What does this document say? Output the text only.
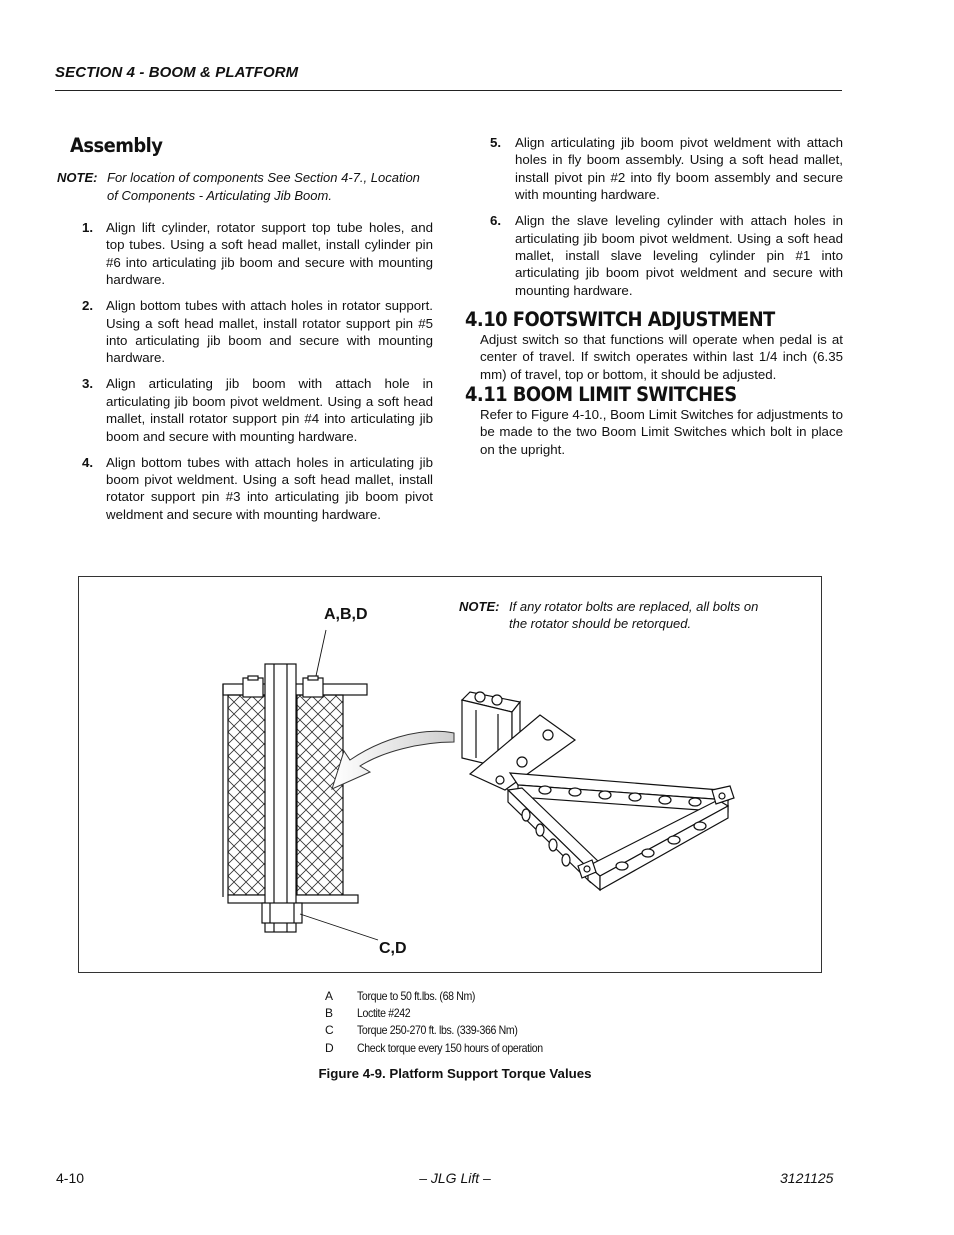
SECTION 4 - BOOM & PLATFORM
Assembly
NOTE: For location of components See Section 4-7., Location of Components - Articulating Jib Boom.
1. Align lift cylinder, rotator support top tube holes, and top tubes. Using a soft head mallet, install cylinder pin #6 into articulating jib boom and secure with mounting hardware.
2. Align bottom tubes with attach holes in rotator support. Using a soft head mallet, install rotator support pin #5 into articulating jib boom and secure with mounting hardware.
3. Align articulating jib boom with attach hole in articulating jib boom pivot weldment. Using a soft head mallet, install rotator support pin #4 into articulating jib boom and secure with mounting hardware.
4. Align bottom tubes with attach holes in articulating jib boom pivot weldment. Using a soft head mallet, install rotator support pin #3 into articulating jib boom pivot weldment and secure with mounting hardware.
5.	Align articulating jib boom pivot weldment with attach holes in fly boom assembly. Using a soft head mallet, install pivot pin #2 into fly boom assembly and secure with mounting hardware.
6.	Align the slave leveling cylinder with attach holes in articulating jib boom pivot weldment. Using a soft head mallet, install slave leveling cylinder pin #1 into articulating jib boom pivot weldment and secure with mounting hardware.
4.10 FOOTSWITCH ADJUSTMENT
Adjust switch so that functions will operate when pedal is at center of travel. If switch operates within last 1/4 inch (6.35 mm) of travel, top or bottom, it should be adjusted.
4.11 BOOM LIMIT SWITCHES
Refer to Figure 4-10., Boom Limit Switches for adjustments to be made to the two Boom Limit Switches which bolt in place on the upright.
NOTE: If any rotator bolts are replaced, all bolts on the rotator should be retorqued.
A,B,D
C,D
A	Torque to 50 ft.lbs. (68 Nm)
B	Loctite #242
C	Torque 250-270 ft. lbs. (339-366 Nm)
D	Check torque every 150 hours of operation
Figure 4-9. Platform Support Torque Values
4-10	– JLG Lift –	3121125
